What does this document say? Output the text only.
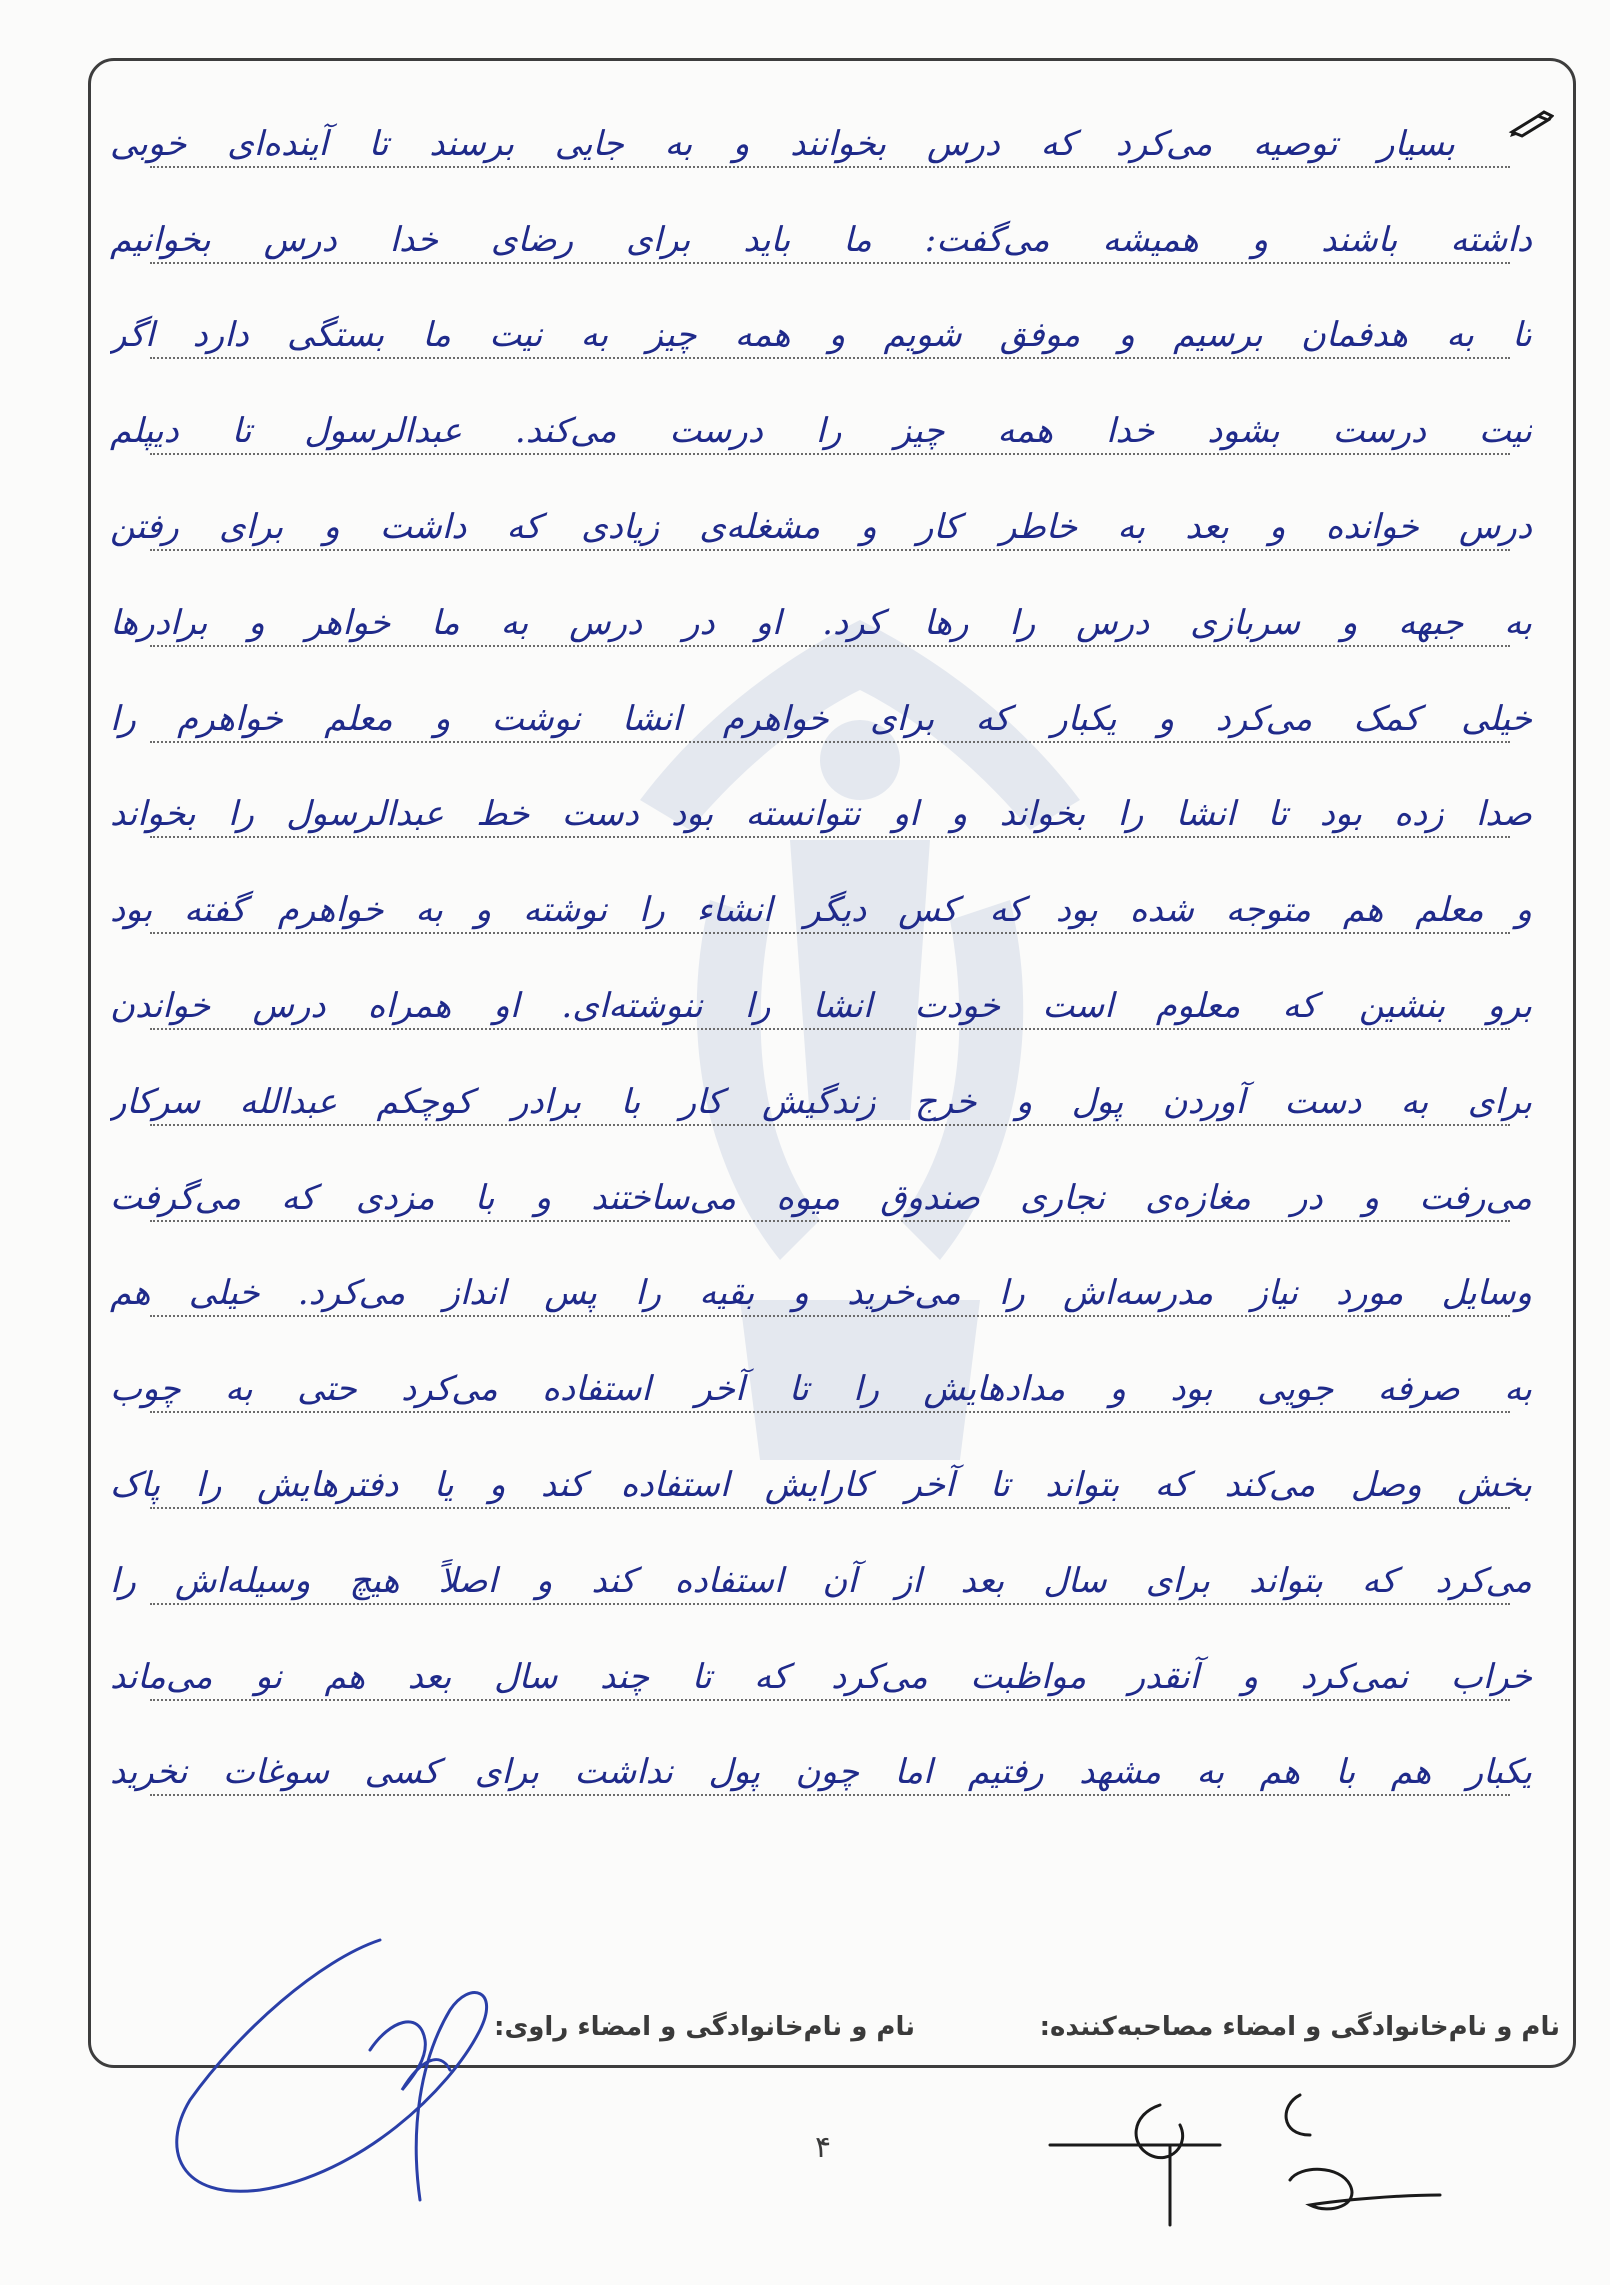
بسیار توصیه می‌کرد که درس بخوانند و به جایی برسند تا آینده‌ای خوبی
داشته باشند و همیشه می‌گفت: ما باید برای رضای خدا درس بخوانیم
تا به هدفمان برسیم و موفق شویم و همه چیز به نیت ما بستگی دارد اگر
نیت درست بشود خدا همه چیز را درست می‌کند. عبدالرسول تا دیپلم
درس خوانده و بعد به خاطر کار و مشغله‌ی زیادی که داشت و برای رفتن
به جبهه و سربازی درس را رها کرد. او در درس به ما خواهر و برادرها
خیلی کمک می‌کرد و یکبار که برای خواهرم انشا نوشت و معلم خواهرم را
صدا زده بود تا انشا را بخواند و او نتوانسته بود دست خط عبدالرسول را بخواند
و معلم هم متوجه شده بود که کس دیگر انشاء را نوشته و به خواهرم گفته بود
برو بنشین که معلوم است خودت انشا را ننوشته‌ای. او همراه درس خواندن
برای به دست آوردن پول و خرج زندگیش کار با برادر کوچکم عبدالله سرکار
می‌رفت و در مغازه‌ی نجاری صندوق میوه می‌ساختند و با مزدی که می‌گرفت
وسایل مورد نیاز مدرسه‌اش را می‌خرید و بقیه را پس انداز می‌کرد. خیلی هم
به صرفه جویی بود و مدادهایش را تا آخر استفاده می‌کرد حتی به چوب
بخش وصل می‌کند که بتواند تا آخر کارایش استفاده کند و یا دفترهایش را پاک
می‌کرد که بتواند برای سال بعد از آن استفاده کند و اصلاً هیچ وسیله‌اش را
خراب نمی‌کرد و آنقدر مواظبت می‌کرد که تا چند سال بعد هم نو می‌ماند
یکبار هم با هم به مشهد رفتیم اما چون پول نداشت برای کسی سوغات نخرید
نام و نام‌خانوادگی و امضاء مصاحبه‌کننده:
نام و نام‌خانوادگی و امضاء راوی:
۴
